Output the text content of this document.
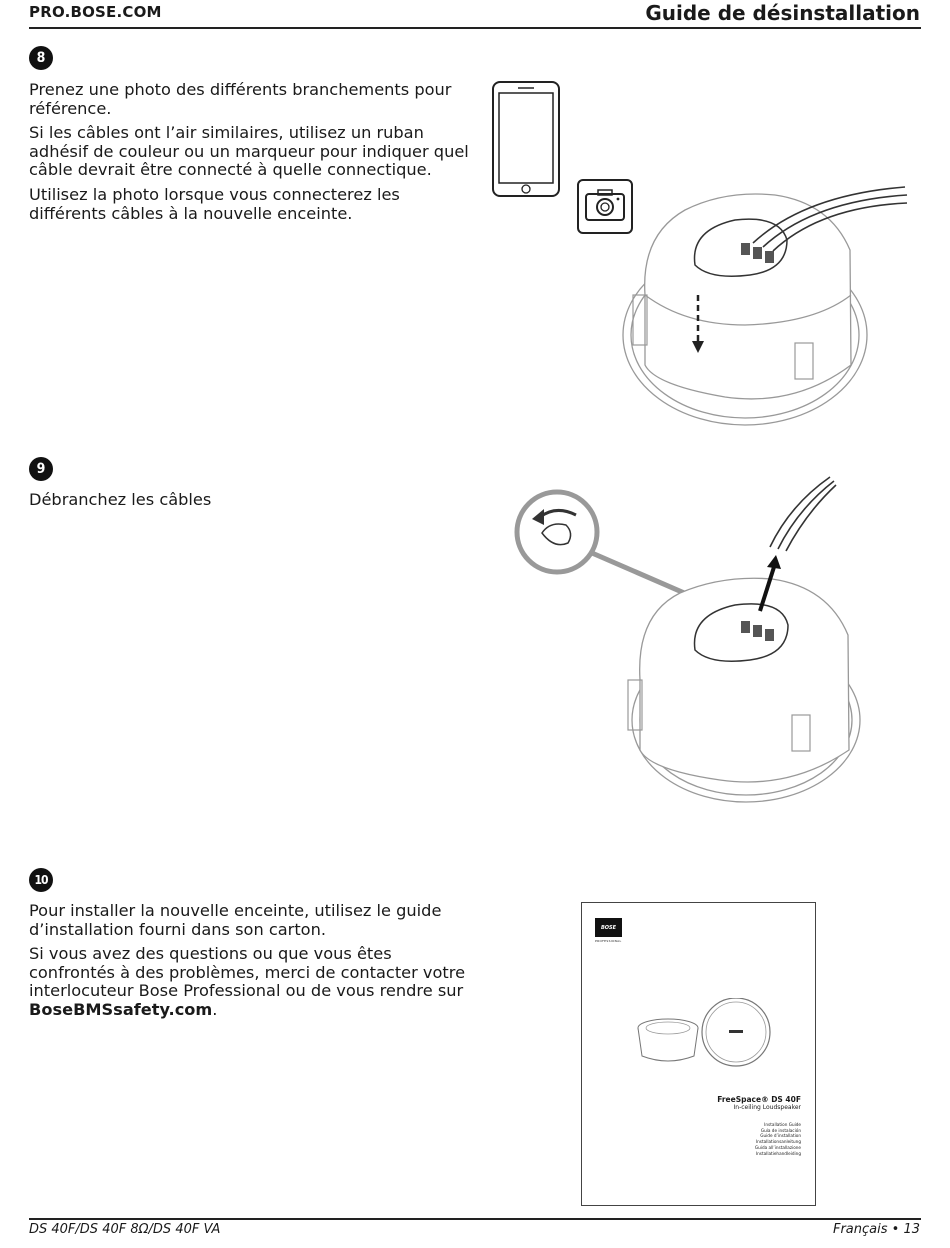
PRO.BOSE.COM	Guide de désinstallation
8

Prenez une photo des différents branchements pour référence.

Si les câbles ont l’air similaires, utilisez un ruban adhésif de couleur ou un marqueur pour indiquer quel câble devrait être connecté à quelle connectique.

Utilisez la photo lorsque vous connecterez les différents câbles à la nouvelle enceinte.

9

Débranchez les câbles

10

Pour installer la nouvelle enceinte, utilisez le guide d’installation fourni dans son carton.

Si vous avez des questions ou que vous êtes confrontés à des problèmes, merci de contacter votre interlocuteur Bose Professional ou de vous rendre sur BoseBMSsafety.com.

BOSE
PROFESSIONAL
FreeSpace® DS 40F
In-ceiling Loudspeaker
Installation Guide
Guía de instalación
Guide d’installation
Installationsanleitung
Guida all’installazione
Installatiehandleiding
DS 40F/DS 40F 8Ω/DS 40F VA	Français • 13
